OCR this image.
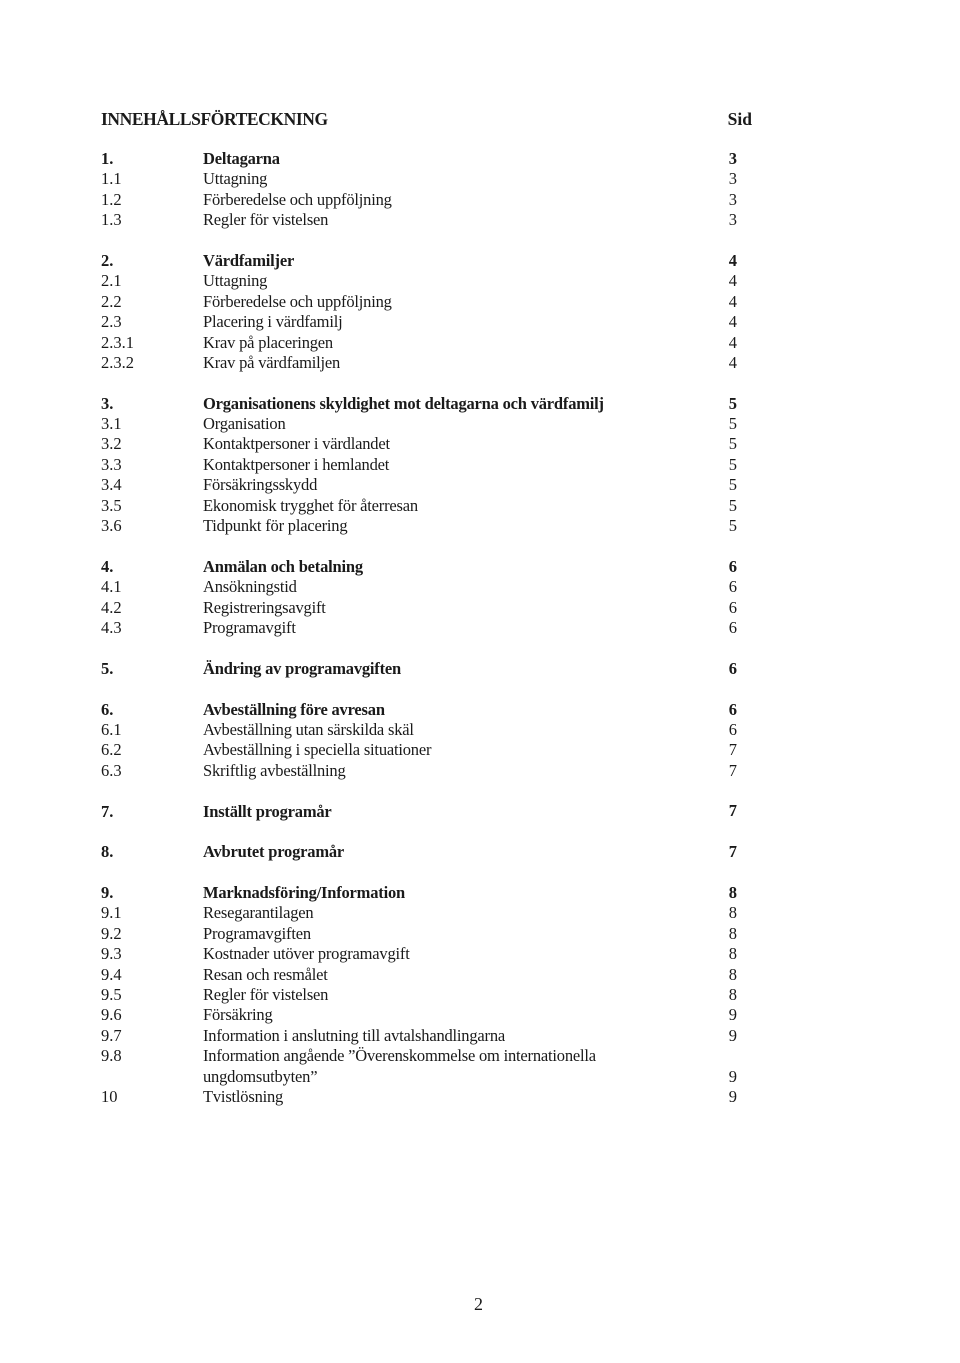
INNEHÅLLSFÖRTECKNING	Sid
1.	Deltagarna	3
1.1	Uttagning	3
1.2	Förberedelse och uppföljning	3
1.3	Regler för vistelsen	3
2.	Värdfamiljer	4
2.1	Uttagning	4
2.2	Förberedelse och uppföljning	4
2.3	Placering i värdfamilj	4
2.3.1	Krav på placeringen	4
2.3.2	Krav på värdfamiljen	4
3.	Organisationens skyldighet mot deltagarna och värdfamilj	5
3.1	Organisation	5
3.2	Kontaktpersoner i värdlandet	5
3.3	Kontaktpersoner i hemlandet	5
3.4	Försäkringsskydd	5
3.5	Ekonomisk trygghet för återresan	5
3.6	Tidpunkt för placering	5
4.	Anmälan och betalning	6
4.1	Ansökningstid	6
4.2	Registreringsavgift	6
4.3	Programavgift	6
5.	Ändring av programavgiften	6
6.	Avbeställning före avresan	6
6.1	Avbeställning utan särskilda skäl	6
6.2	Avbeställning i speciella situationer	7
6.3	Skriftlig avbeställning	7
7.	Inställt programår	7
8.	Avbrutet programår	7
9.	Marknadsföring/Information	8
9.1	Resegarantilagen	8
9.2	Programavgiften	8
9.3	Kostnader utöver programavgift	8
9.4	Resan och resmålet	8
9.5	Regler för vistelsen	8
9.6	Försäkring	9
9.7	Information i anslutning till avtalshandlingarna	9
9.8	Information angående ”Överenskommelse om internationella ungdomsutbyten”	9
10	Tvistlösning	9
2
